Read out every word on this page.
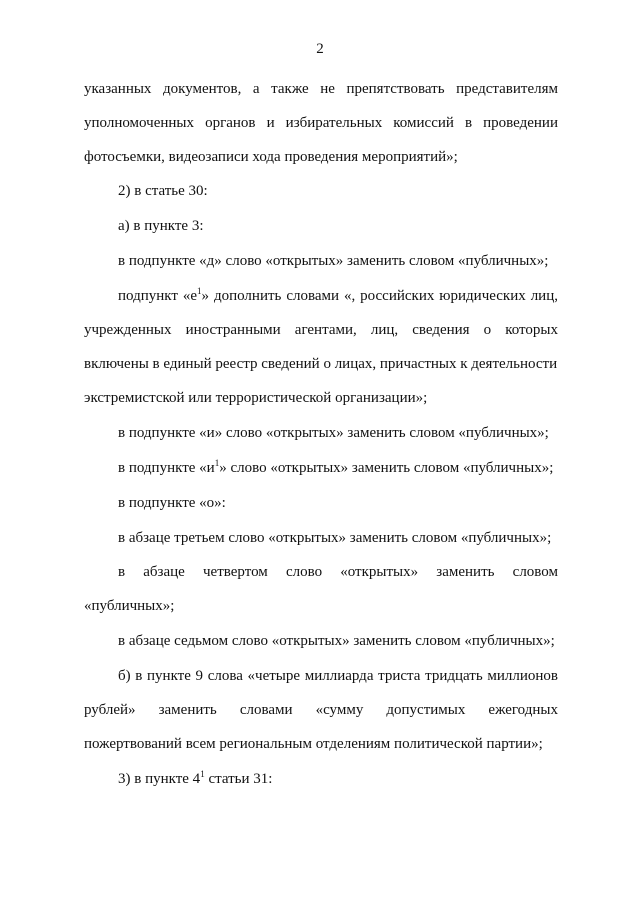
2
указанных документов, а также не препятствовать представителям
уполномоченных органов и избирательных комиссий в проведении
фотосъемки, видеозаписи хода проведения мероприятий»;
2) в статье 30:
а) в пункте 3:
в подпункте «д» слово «открытых» заменить словом «публичных»;
подпункт «$е^1$» дополнить словами «, российских юридических лиц,
учрежденных иностранными агентами, лиц, сведения о которых
включены в единый реестр сведений о лицах, причастных к деятельности
экстремистской или террористической организации»;
в подпункте «и» слово «открытых» заменить словом «публичных»;
в подпункте «$и^1$» слово «открытых» заменить словом «публичных»;
в подпункте «о»:
в абзаце третьем слово «открытых» заменить словом «публичных»;
в абзаце четвертом слово «открытых» заменить словом
«публичных»;
в абзаце седьмом слово «открытых» заменить словом «публичных»;
б) в пункте 9 слова «четыре миллиарда триста тридцать миллионов
рублей» заменить словами «сумму допустимых ежегодных
пожертвований всем региональным отделениям политической партии»;
3) в пункте $4^1$ статьи 31:
